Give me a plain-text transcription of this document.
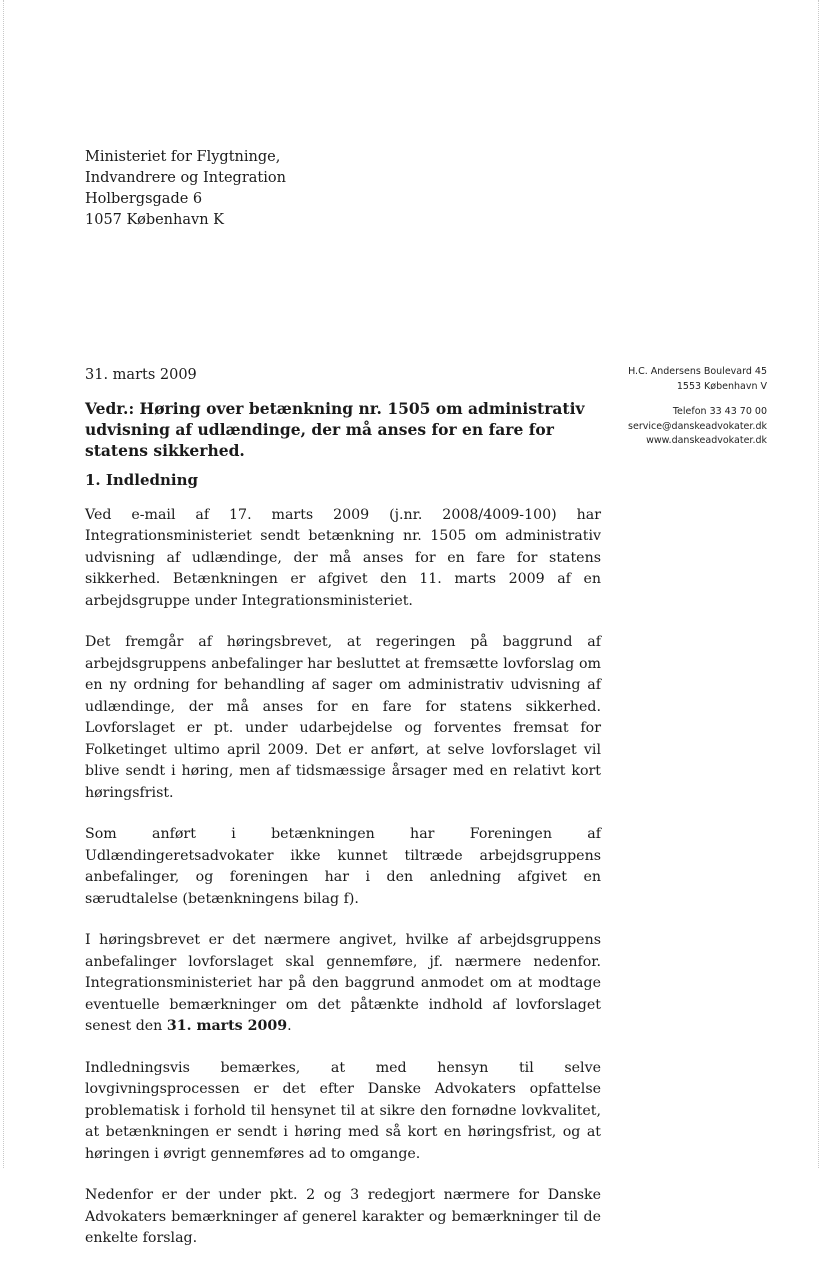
Ministeriet for Flygtninge,
Indvandrere og Integration
Holbergsgade 6
1057 København K
31. marts 2009	H.C. Andersens Boulevard 45
1553 København V
Telefon 33 43 70 00
service@danskeadvokater.dk
www.danskeadvokater.dk
Vedr.: Høring over betænkning nr. 1505 om administrativ udvisning af udlændinge, der må anses for en fare for statens sikkerhed.
1. Indledning

Ved e-mail af 17. marts 2009 (j.nr. 2008/4009-100) har Integrationsministeriet sendt betænkning nr. 1505 om administrativ udvisning af udlændinge, der må anses for en fare for statens sikkerhed. Betænkningen er afgivet den 11. marts 2009 af en arbejdsgruppe under Integrationsministeriet.

Det fremgår af høringsbrevet, at regeringen på baggrund af arbejdsgruppens anbefalinger har besluttet at fremsætte lovforslag om en ny ordning for behandling af sager om administrativ udvisning af udlændinge, der må anses for en fare for statens sikkerhed. Lovforslaget er pt. under udarbejdelse og forventes fremsat for Folketinget ultimo april 2009. Det er anført, at selve lovforslaget vil blive sendt i høring, men af tidsmæssige årsager med en relativt kort høringsfrist.

Som anført i betænkningen har Foreningen af Udlændingeretsadvokater ikke kunnet tiltræde arbejdsgruppens anbefalinger, og foreningen har i den anledning afgivet en særudtalelse (betænkningens bilag f).

I høringsbrevet er det nærmere angivet, hvilke af arbejdsgruppens anbefalinger lovforslaget skal gennemføre, jf. nærmere nedenfor. Integrationsministeriet har på den baggrund anmodet om at modtage eventuelle bemærkninger om det påtænkte indhold af lovforslaget senest den 31. marts 2009.

Indledningsvis bemærkes, at med hensyn til selve lovgivningsprocessen er det efter Danske Advokaters opfattelse problematisk i forhold til hensynet til at sikre den fornødne lovkvalitet, at betænkningen er sendt i høring med så kort en høringsfrist, og at høringen i øvrigt gennemføres ad to omgange.

Nedenfor er der under pkt. 2 og 3 redegjort nærmere for Danske Advokaters bemærkninger af generel karakter og bemærkninger til de enkelte forslag.
